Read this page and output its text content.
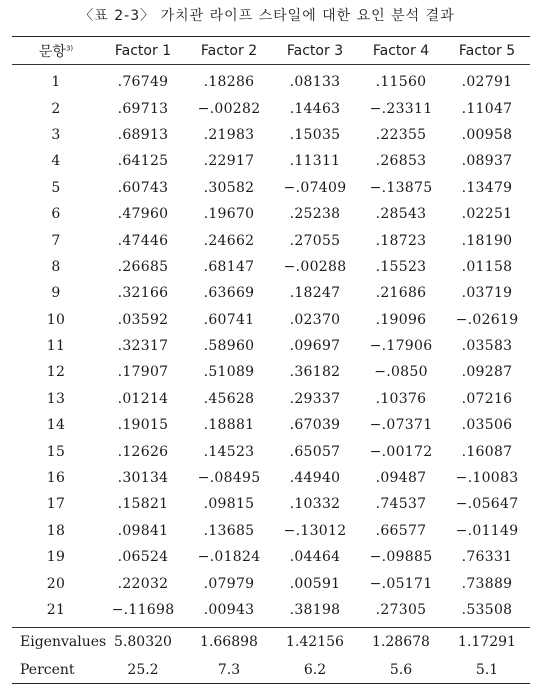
〈표 2-3〉 가치관 라이프 스타일에 대한 요인 분석 결과
문항$^{3)}$	Factor 1	Factor 2	Factor 3	Factor 4	Factor 5
1	.76749	.18286	.08133	.11560	.02791
2	.69713	−.00282	.14463	−.23311	.11047
3	.68913	.21983	.15035	.22355	.00958
4	.64125	.22917	.11311	.26853	.08937
5	.60743	.30582	−.07409	−.13875	.13479
6	.47960	.19670	.25238	.28543	.02251
7	.47446	.24662	.27055	.18723	.18190
8	.26685	.68147	−.00288	.15523	.01158
9	.32166	.63669	.18247	.21686	.03719
10	.03592	.60741	.02370	.19096	−.02619
11	.32317	.58960	.09697	−.17906	.03583
12	.17907	.51089	.36182	−.0850	.09287
13	.01214	.45628	.29337	.10376	.07216
14	.19015	.18881	.67039	−.07371	.03506
15	.12626	.14523	.65057	−.00172	.16087
16	.30134	−.08495	.44940	.09487	−.10083
17	.15821	.09815	.10332	.74537	−.05647
18	.09841	.13685	−.13012	.66577	−.01149
19	.06524	−.01824	.04464	−.09885	.76331
20	.22032	.07979	.00591	−.05171	.73889
21	−.11698	.00943	.38198	.27305	.53508
Eigenvalues	5.80320	1.66898	1.42156	1.28678	1.17291
Percent	25.2	7.3	6.2	5.6	5.1
